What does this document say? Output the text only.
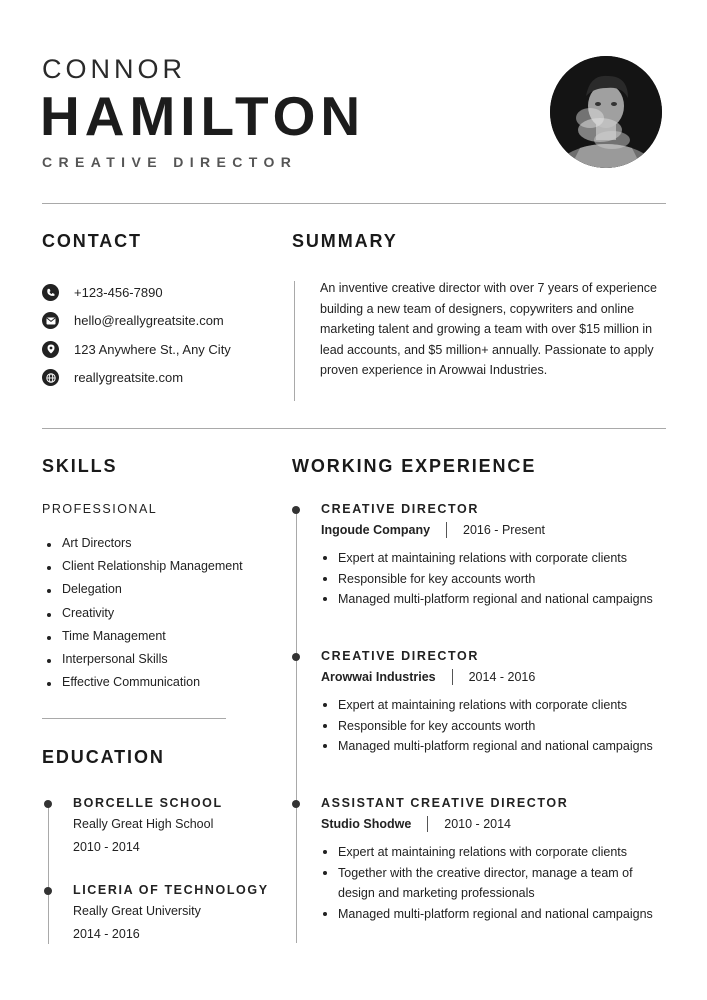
CONNOR
HAMILTON
CREATIVE DIRECTOR
CONTACT
+123-456-7890
hello@reallygreatsite.com
123 Anywhere St., Any City
reallygreatsite.com
SUMMARY
An inventive creative director with over 7 years of experience building a new team of designers, copywriters and online marketing talent and growing a team with over $15 million in lead accounts, and $5 million+ annually. Passionate to apply proven experience in Arowwai Industries.
SKILLS
PROFESSIONAL
Art Directors
Client Relationship Management
Delegation
Creativity
Time Management
Interpersonal Skills
Effective Communication
EDUCATION
BORCELLE SCHOOL
Really Great High School
2010 - 2014
LICERIA OF TECHNOLOGY
Really Great University
2014 - 2016
WORKING EXPERIENCE
CREATIVE DIRECTOR
Ingoude Company	2016 - Present
Expert at maintaining relations with corporate clients
Responsible for key accounts worth
Managed multi-platform regional and national campaigns
CREATIVE DIRECTOR
Arowwai Industries	2014 - 2016
Expert at maintaining relations with corporate clients
Responsible for key accounts worth
Managed multi-platform regional and national campaigns
ASSISTANT CREATIVE DIRECTOR
Studio Shodwe	2010 - 2014
Expert at maintaining relations with corporate clients
Together with the creative director, manage a team of design and marketing professionals
Managed multi-platform regional and national campaigns
